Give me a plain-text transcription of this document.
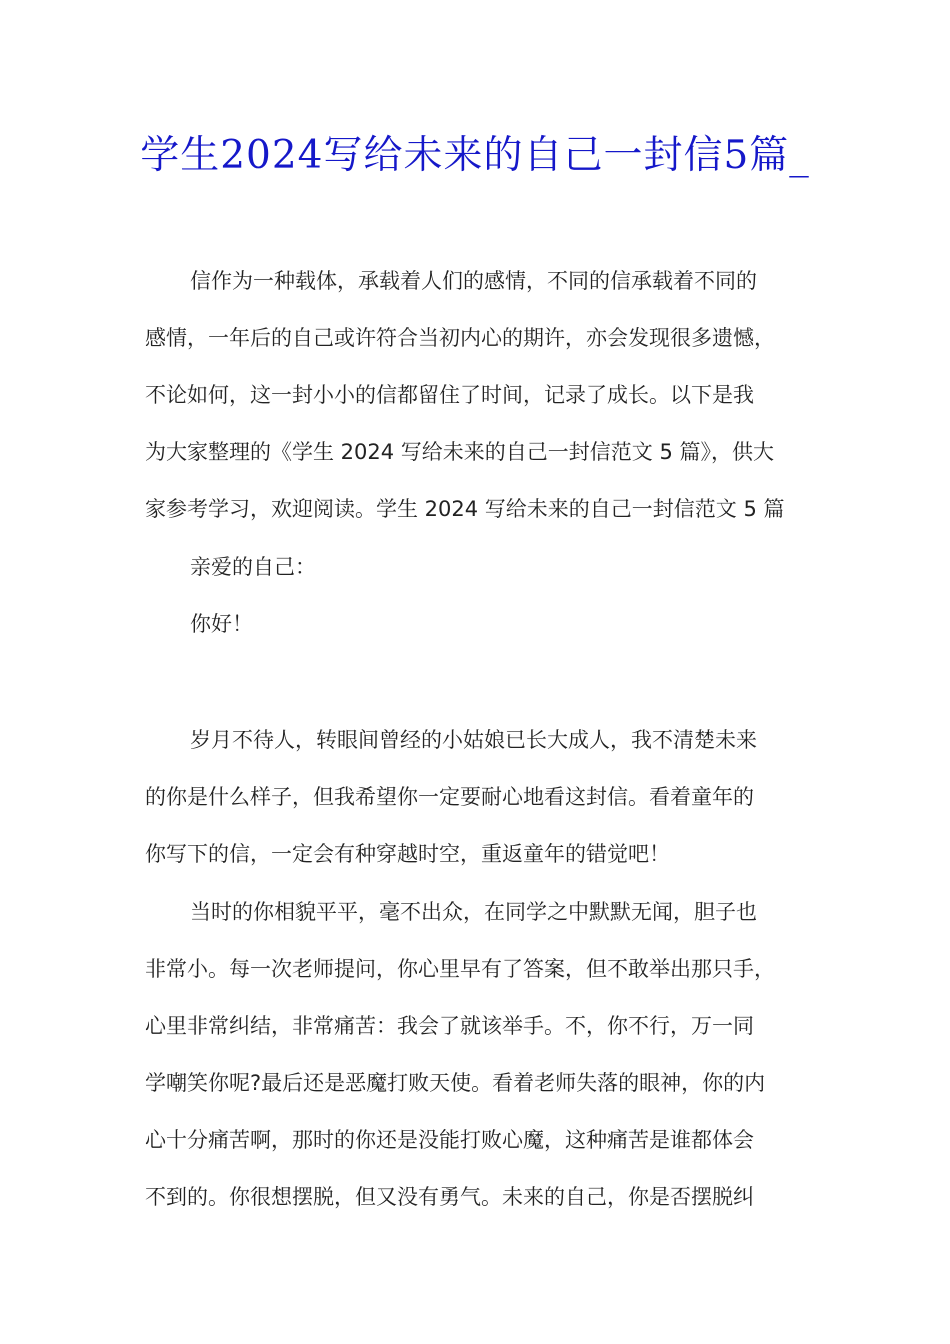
学生2024写给未来的自己一封信5篇_

信作为一种载体，承载着人们的感情，不同的信承载着不同的

感情，一年后的自己或许符合当初内心的期许，亦会发现很多遗憾，

不论如何，这一封小小的信都留住了时间，记录了成长。以下是我

为大家整理的《学生 2024 写给未来的自己一封信范文 5 篇》，供大

家参考学习，欢迎阅读。学生 2024 写给未来的自己一封信范文 5 篇

亲爱的自己：

你好！

岁月不待人，转眼间曾经的小姑娘已长大成人，我不清楚未来

的你是什么样子，但我希望你一定要耐心地看这封信。看着童年的

你写下的信，一定会有种穿越时空，重返童年的错觉吧！

当时的你相貌平平，毫不出众，在同学之中默默无闻，胆子也

非常小。每一次老师提问，你心里早有了答案，但不敢举出那只手，

心里非常纠结，非常痛苦：我会了就该举手。不，你不行，万一同

学嘲笑你呢?最后还是恶魔打败天使。看着老师失落的眼神，你的内

心十分痛苦啊，那时的你还是没能打败心魔，这种痛苦是谁都体会

不到的。你很想摆脱，但又没有勇气。未来的自己，你是否摆脱纠
